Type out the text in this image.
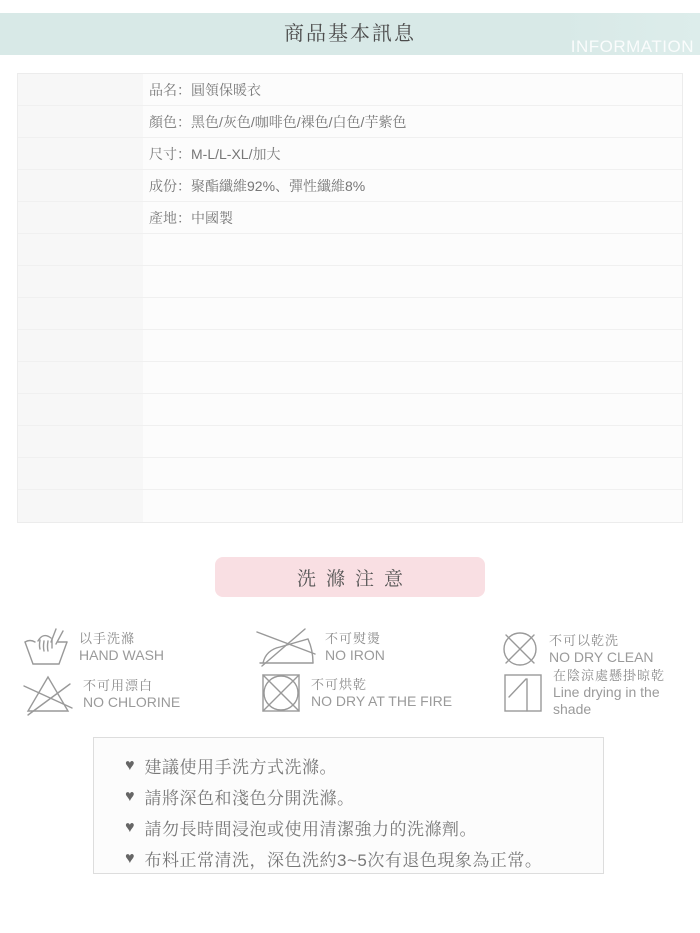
商品基本訊息
INFORMATION
品名 ： 圓領保暖衣
顏色 ： 黑色/灰色/咖啡色/裸色/白色/芋紫色
尺寸 ： M-L/L-XL/加大
成份 ： 聚酯纖維92%、彈性纖維8%
產地 ： 中國製
洗滌注意
以手洗滌
HAND WASH
不可熨燙
NO IRON
不可以乾洗
NO DRY CLEAN
不可用漂白
NO CHLORINE
不可烘乾
NO DRY AT THE FIRE
在陰涼處懸掛晾乾
Line drying in the shade
♥ 建議使用手洗方式洗滌。
♥ 請將深色和淺色分開洗滌。
♥ 請勿長時間浸泡或使用清潔強力的洗滌劑。
♥ 布料正常清洗，深色洗約3~5次有退色現象為正常。
